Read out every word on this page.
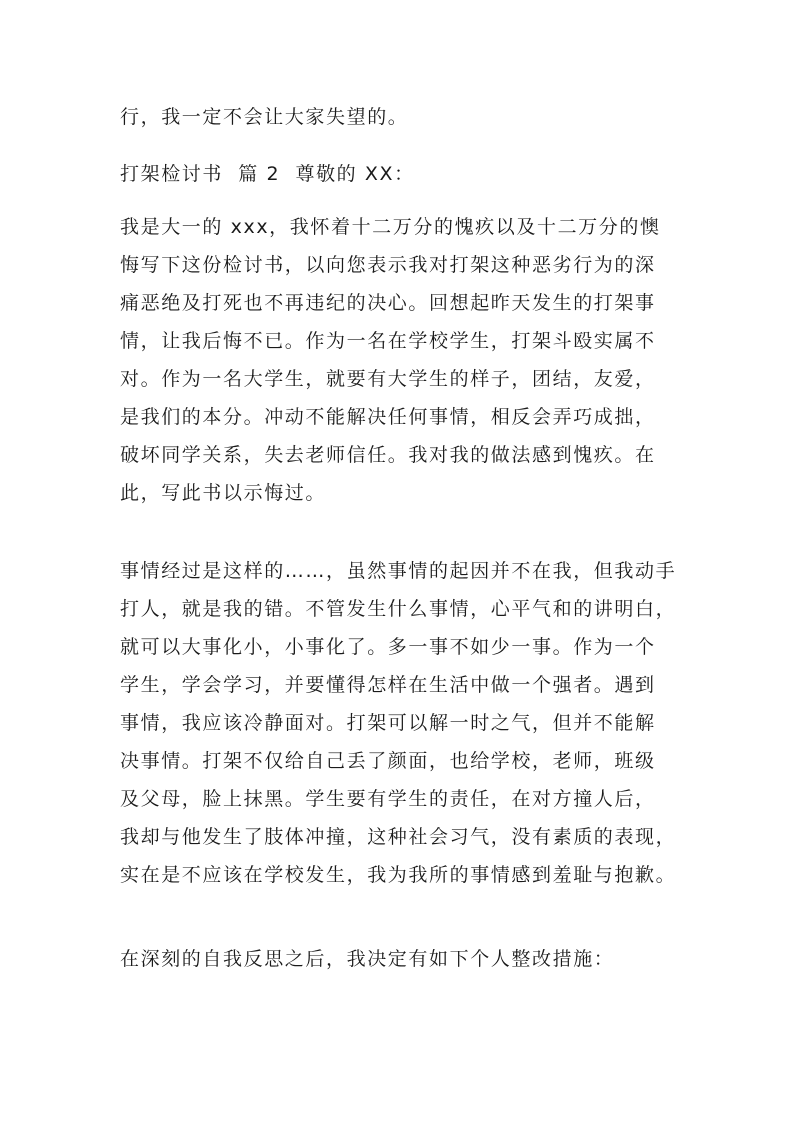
行，我一定不会让大家失望的。
打架检讨书  篇 2  尊敬的 XX：
我是大一的 xxx，我怀着十二万分的愧疚以及十二万分的懊
悔写下这份检讨书，以向您表示我对打架这种恶劣行为的深
痛恶绝及打死也不再违纪的决心。回想起昨天发生的打架事
情，让我后悔不已。作为一名在学校学生，打架斗殴实属不
对。作为一名大学生，就要有大学生的样子，团结，友爱，
是我们的本分。冲动不能解决任何事情，相反会弄巧成拙，
破坏同学关系，失去老师信任。我对我的做法感到愧疚。在
此，写此书以示悔过。
事情经过是这样的……，虽然事情的起因并不在我，但我动手
打人，就是我的错。不管发生什么事情，心平气和的讲明白，
就可以大事化小，小事化了。多一事不如少一事。作为一个
学生，学会学习，并要懂得怎样在生活中做一个强者。遇到
事情，我应该冷静面对。打架可以解一时之气，但并不能解
决事情。打架不仅给自己丢了颜面，也给学校，老师，班级
及父母，脸上抹黑。学生要有学生的责任，在对方撞人后，
我却与他发生了肢体冲撞，这种社会习气，没有素质的表现，
实在是不应该在学校发生，我为我所的事情感到羞耻与抱歉。
在深刻的自我反思之后，我决定有如下个人整改措施：
